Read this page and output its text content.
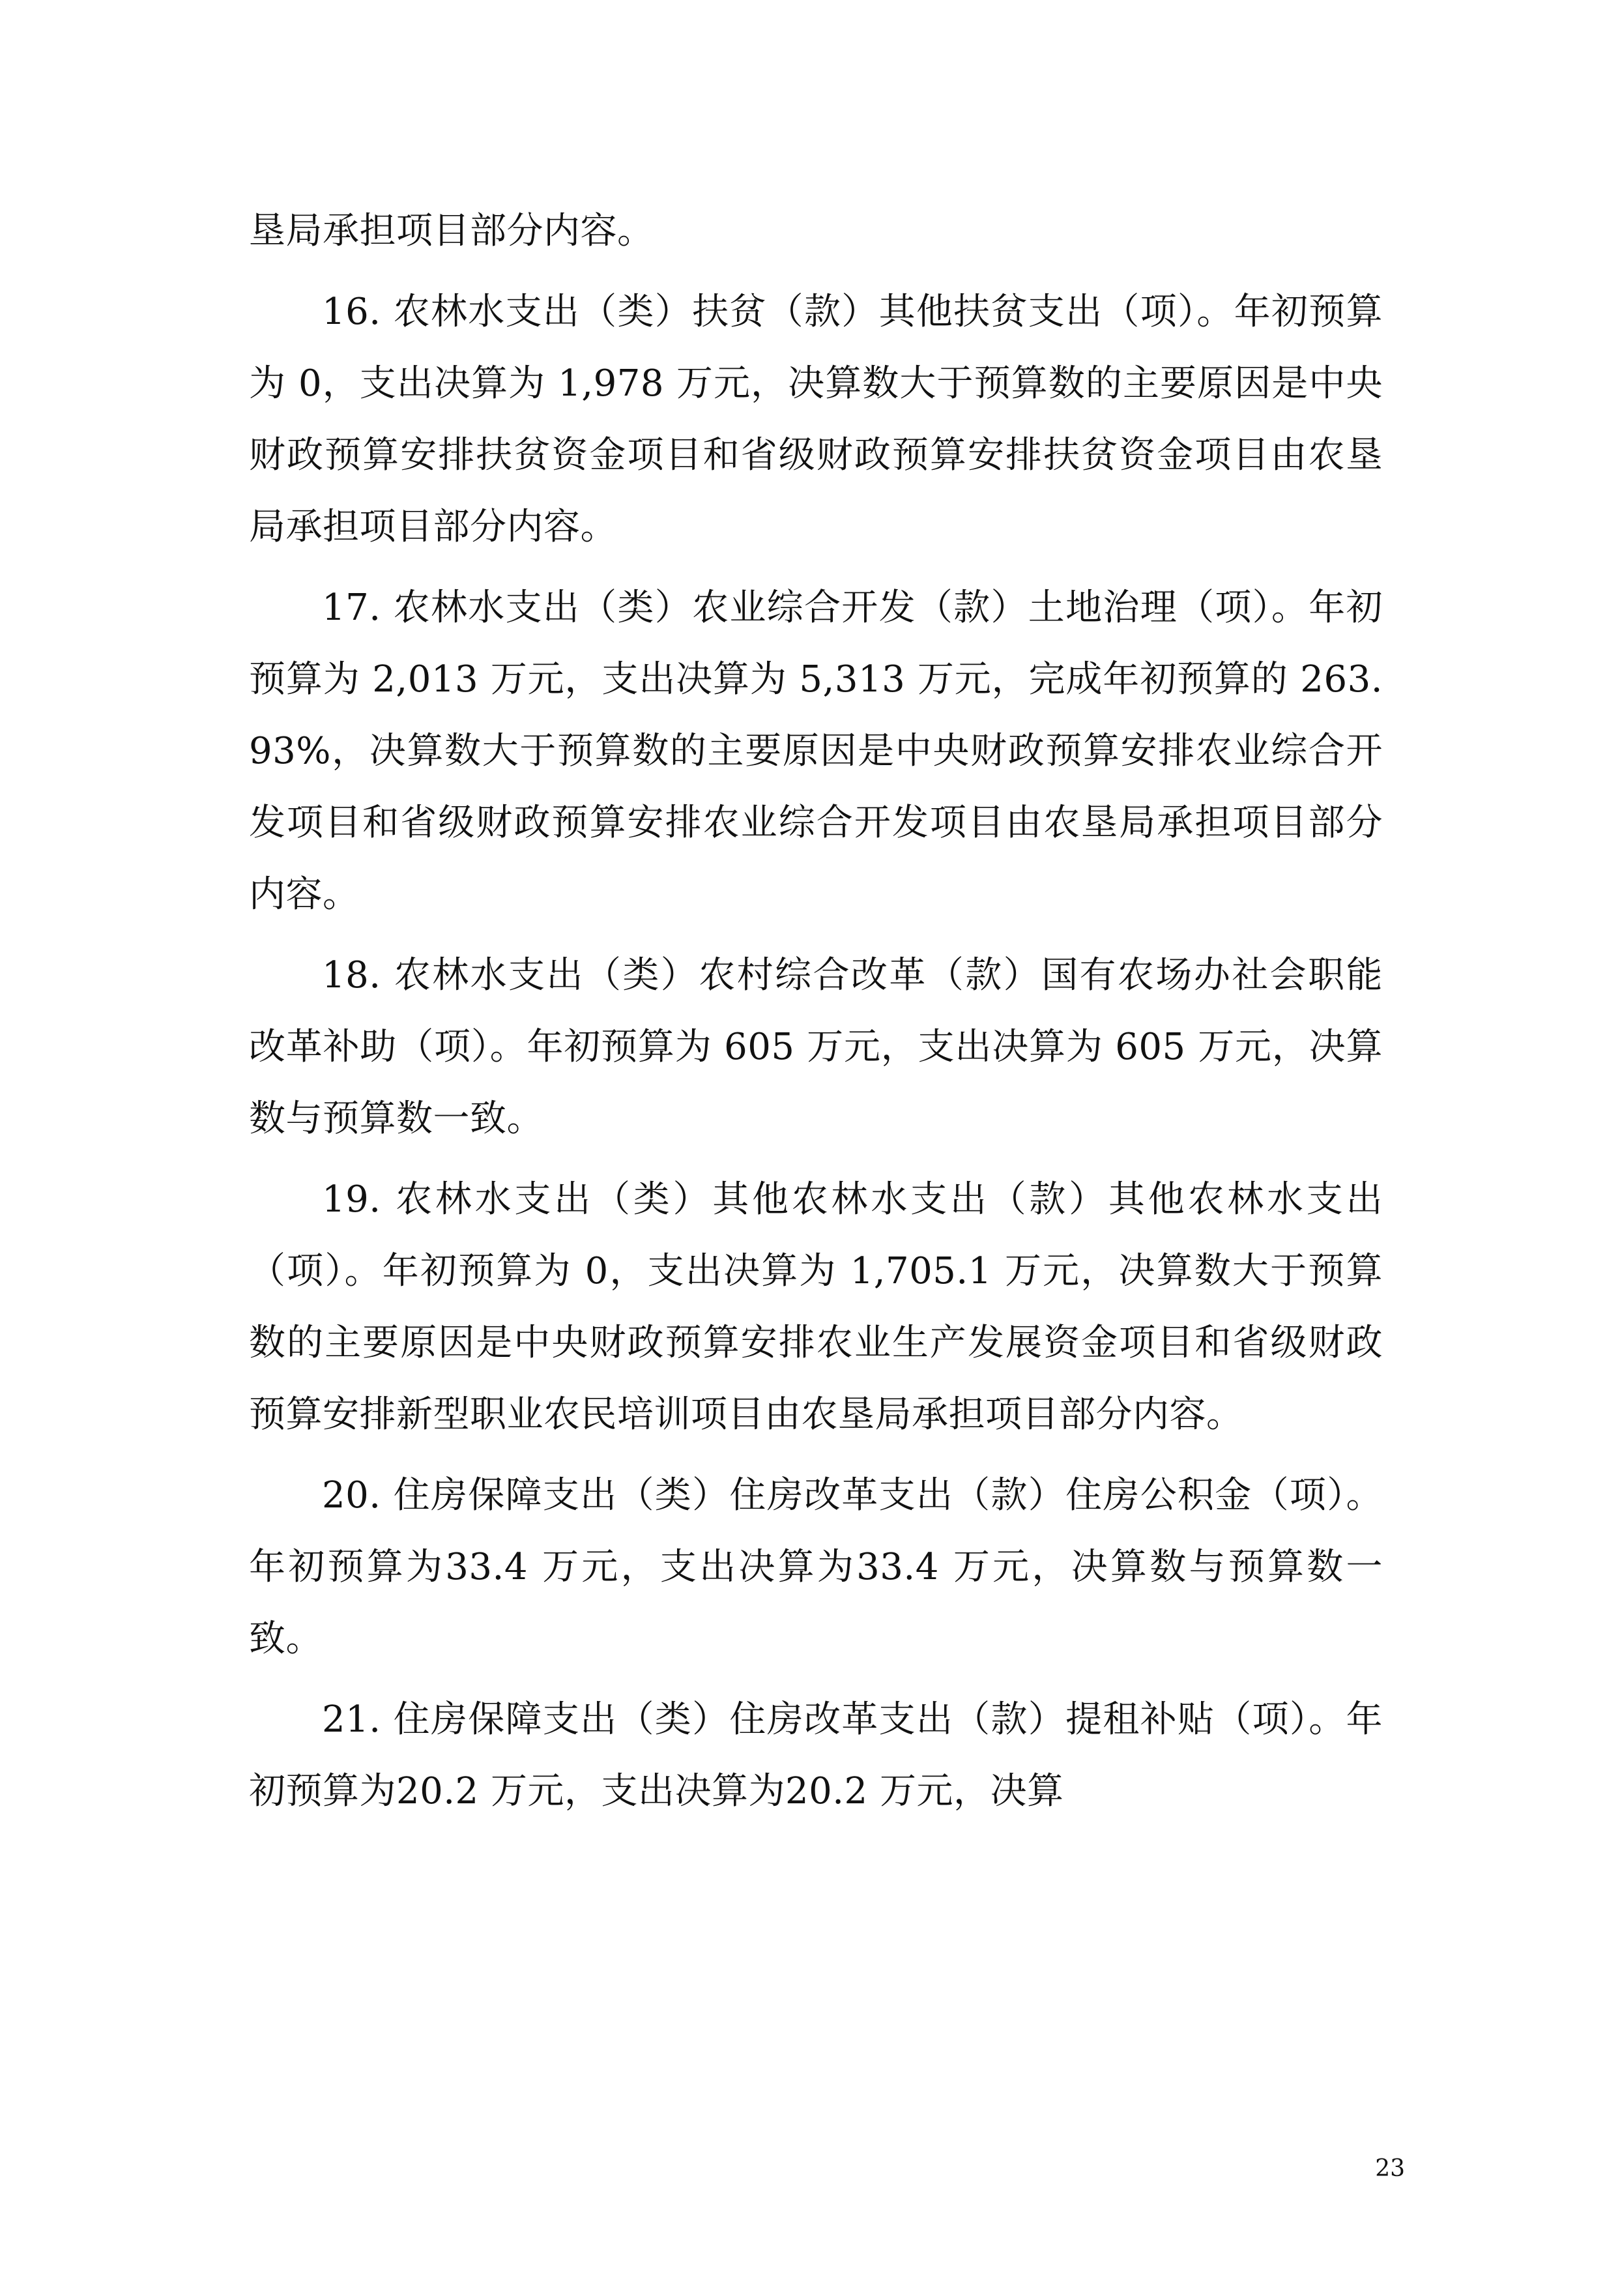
垦局承担项目部分内容。

16. 农林水支出（类）扶贫（款）其他扶贫支出（项）。年初预算为 0，支出决算为 1,978 万元，决算数大于预算数的主要原因是中央财政预算安排扶贫资金项目和省级财政预算安排扶贫资金项目由农垦局承担项目部分内容。

17. 农林水支出（类）农业综合开发（款）土地治理（项）。年初预算为 2,013 万元，支出决算为 5,313 万元，完成年初预算的 263.93%，决算数大于预算数的主要原因是中央财政预算安排农业综合开发项目和省级财政预算安排农业综合开发项目由农垦局承担项目部分内容。

18. 农林水支出（类）农村综合改革（款）国有农场办社会职能改革补助（项）。年初预算为 605 万元，支出决算为 605 万元，决算数与预算数一致。

19. 农林水支出（类）其他农林水支出（款）其他农林水支出（项）。年初预算为 0，支出决算为 1,705.1 万元，决算数大于预算数的主要原因是中央财政预算安排农业生产发展资金项目和省级财政预算安排新型职业农民培训项目由农垦局承担项目部分内容。

20. 住房保障支出（类）住房改革支出（款）住房公积金（项）。年初预算为33.4 万元，支出决算为33.4 万元，决算数与预算数一致。

21. 住房保障支出（类）住房改革支出（款）提租补贴（项）。年初预算为20.2 万元，支出决算为20.2 万元，决算

23
